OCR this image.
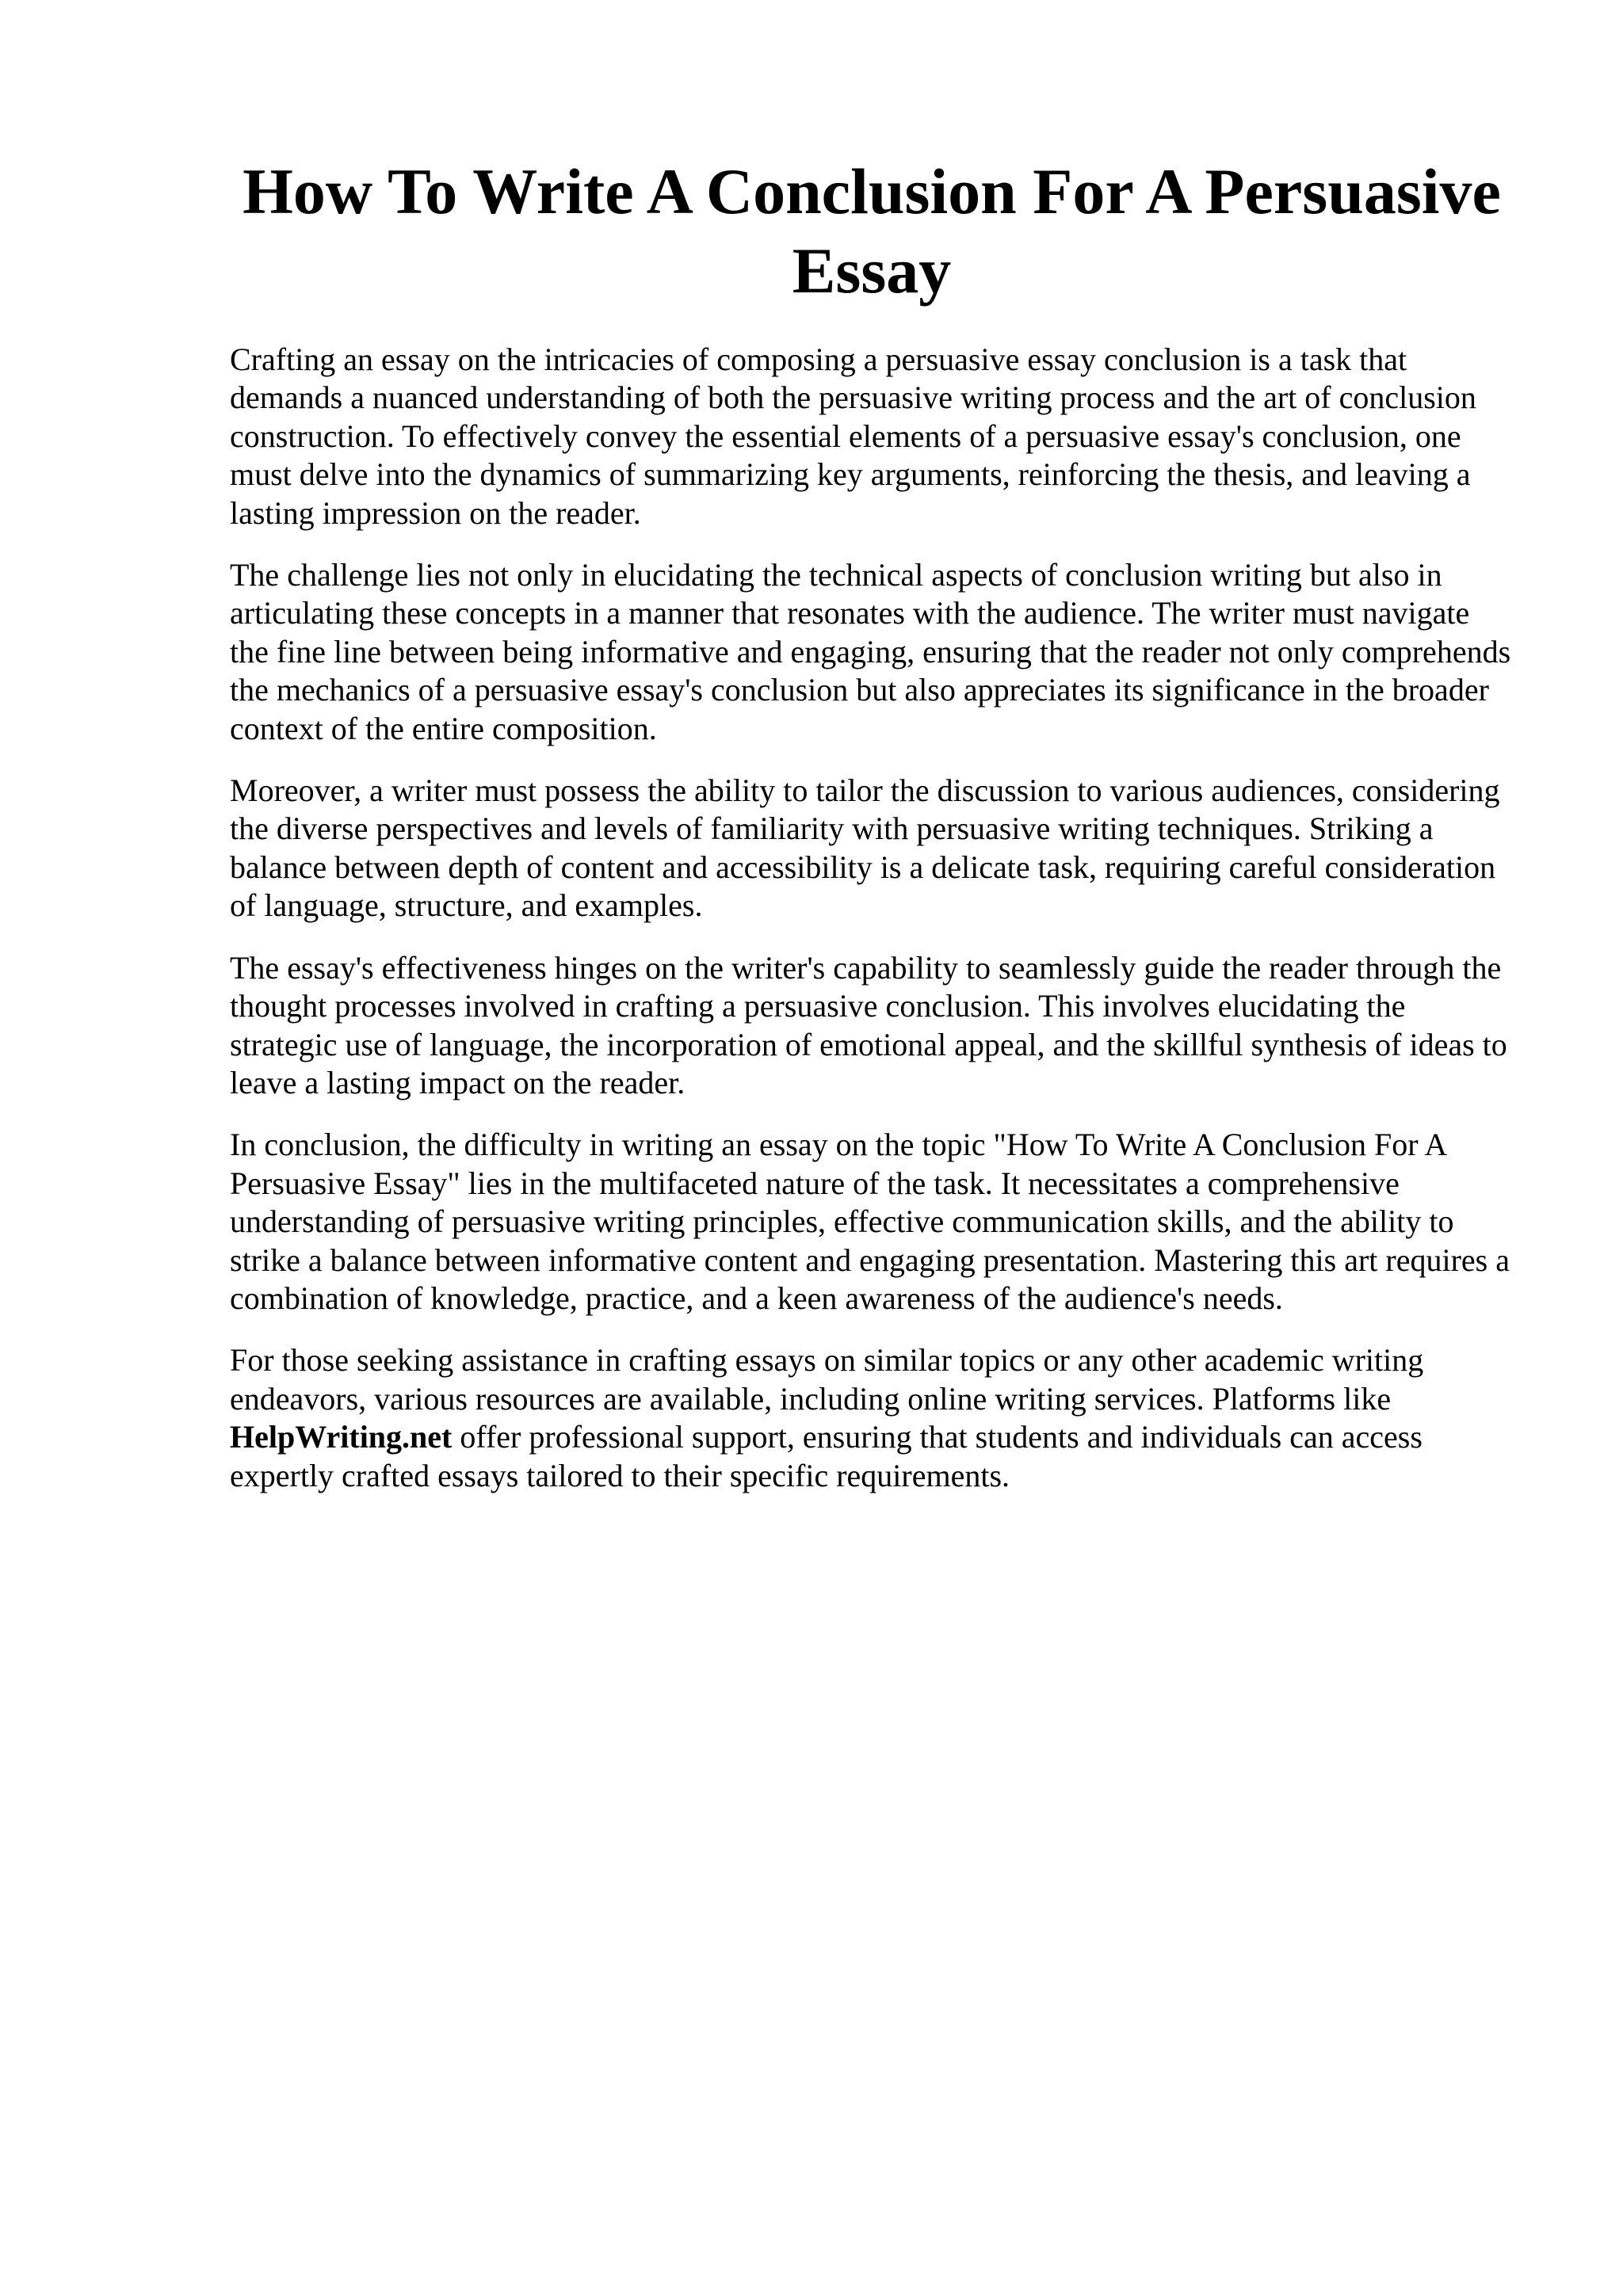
How To Write A Conclusion For A Persuasive Essay

Crafting an essay on the intricacies of composing a persuasive essay conclusion is a task that demands a nuanced understanding of both the persuasive writing process and the art of conclusion construction. To effectively convey the essential elements of a persuasive essay's conclusion, one must delve into the dynamics of summarizing key arguments, reinforcing the thesis, and leaving a lasting impression on the reader.

The challenge lies not only in elucidating the technical aspects of conclusion writing but also in articulating these concepts in a manner that resonates with the audience. The writer must navigate the fine line between being informative and engaging, ensuring that the reader not only comprehends the mechanics of a persuasive essay's conclusion but also appreciates its significance in the broader context of the entire composition.

Moreover, a writer must possess the ability to tailor the discussion to various audiences, considering the diverse perspectives and levels of familiarity with persuasive writing techniques. Striking a balance between depth of content and accessibility is a delicate task, requiring careful consideration of language, structure, and examples.

The essay's effectiveness hinges on the writer's capability to seamlessly guide the reader through the thought processes involved in crafting a persuasive conclusion. This involves elucidating the strategic use of language, the incorporation of emotional appeal, and the skillful synthesis of ideas to leave a lasting impact on the reader.

In conclusion, the difficulty in writing an essay on the topic "How To Write A Conclusion For A Persuasive Essay" lies in the multifaceted nature of the task. It necessitates a comprehensive understanding of persuasive writing principles, effective communication skills, and the ability to strike a balance between informative content and engaging presentation. Mastering this art requires a combination of knowledge, practice, and a keen awareness of the audience's needs.

For those seeking assistance in crafting essays on similar topics or any other academic writing endeavors, various resources are available, including online writing services. Platforms like HelpWriting.net offer professional support, ensuring that students and individuals can access expertly crafted essays tailored to their specific requirements.
